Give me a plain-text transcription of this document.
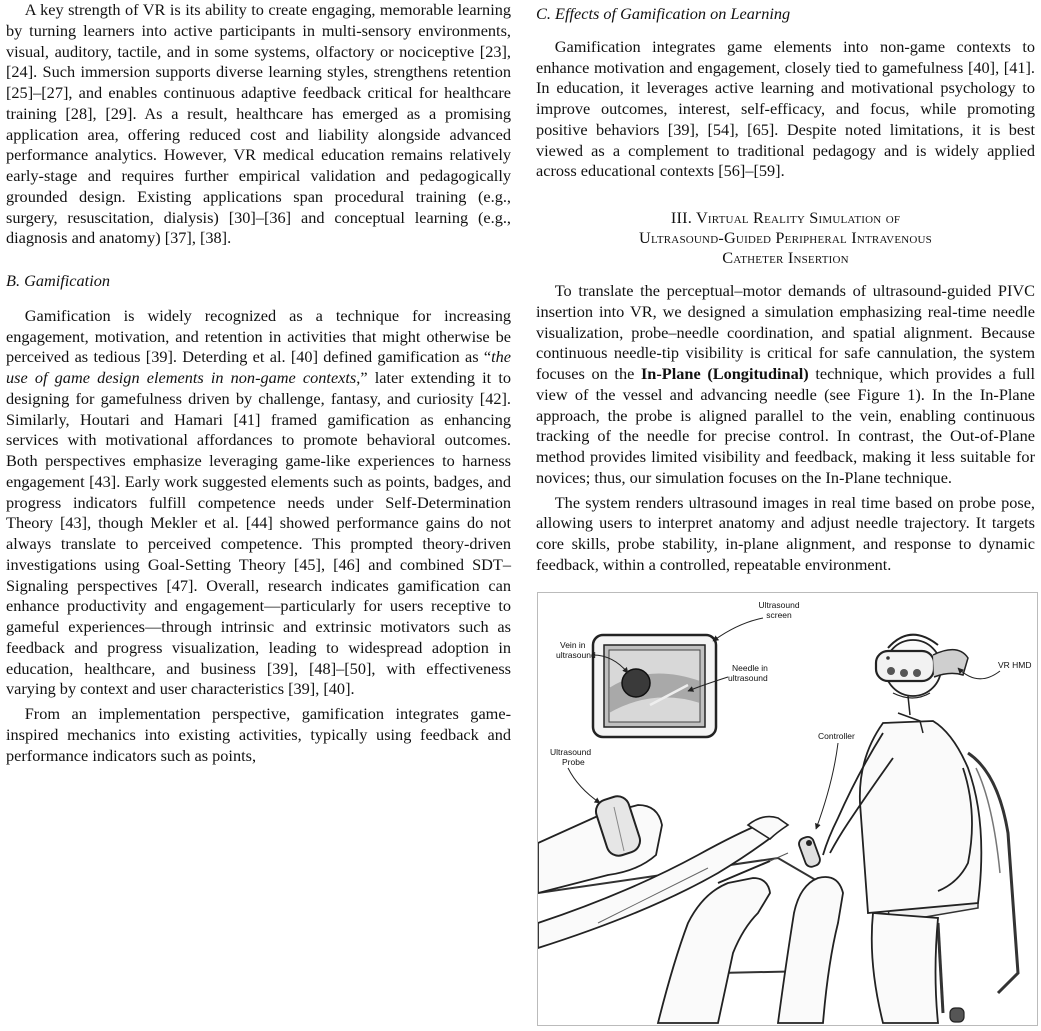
A key strength of VR is its ability to create engaging, memorable learning by turning learners into active participants in multi-sensory environments, visual, auditory, tactile, and in some systems, olfactory or nociceptive [23], [24]. Such immersion supports diverse learning styles, strengthens retention [25]–[27], and enables continuous adaptive feedback critical for healthcare training [28], [29]. As a result, healthcare has emerged as a promising application area, offering reduced cost and liability alongside advanced performance analytics. However, VR medical education remains relatively early-stage and requires further empirical validation and pedagogically grounded design. Existing applications span procedural training (e.g., surgery, resuscitation, dialysis) [30]–[36] and conceptual learning (e.g., diagnosis and anatomy) [37], [38].

B. Gamification

Gamification is widely recognized as a technique for increasing engagement, motivation, and retention in activities that might otherwise be perceived as tedious [39]. Deterding et al. [40] defined gamification as “the use of game design elements in non-game contexts,” later extending it to designing for gamefulness driven by challenge, fantasy, and curiosity [42]. Similarly, Houtari and Hamari [41] framed gamification as enhancing services with motivational affordances to promote behavioral outcomes. Both perspectives emphasize leveraging game-like experiences to harness engagement [43]. Early work suggested elements such as points, badges, and progress indicators fulfill competence needs under Self-Determination Theory [43], though Mekler et al. [44] showed performance gains do not always translate to perceived competence. This prompted theory-driven investigations using Goal-Setting Theory [45], [46] and combined SDT–Signaling perspectives [47]. Overall, research indicates gamification can enhance productivity and engagement—particularly for users receptive to gameful experiences—through intrinsic and extrinsic motivators such as feedback and progress visualization, leading to widespread adoption in education, healthcare, and business [39], [48]–[50], with effectiveness varying by context and user characteristics [39], [40].

From an implementation perspective, gamification integrates game-inspired mechanics into existing activities, typically using feedback and performance indicators such as points,

C. Effects of Gamification on Learning

Gamification integrates game elements into non-game contexts to enhance motivation and engagement, closely tied to gamefulness [40], [41]. In education, it leverages active learning and motivational psychology to improve outcomes, interest, self-efficacy, and focus, while promoting positive behaviors [39], [54], [65]. Despite noted limitations, it is best viewed as a complement to traditional pedagogy and is widely applied across educational contexts [56]–[59].

III. Virtual Reality Simulation of
Ultrasound-Guided Peripheral Intravenous
Catheter Insertion

To translate the perceptual–motor demands of ultrasound-guided PIVC insertion into VR, we designed a simulation emphasizing real-time needle visualization, probe–needle coordination, and spatial alignment. Because continuous needle-tip visibility is critical for safe cannulation, the system focuses on the In-Plane (Longitudinal) technique, which provides a full view of the vessel and advancing needle (see Figure 1). In the In-Plane approach, the probe is aligned parallel to the vein, enabling continuous tracking of the needle for precise control. In contrast, the Out-of-Plane method provides limited visibility and feedback, making it less suitable for novices; thus, our simulation focuses on the In-Plane technique.

The system renders ultrasound images in real time based on probe pose, allowing users to interpret anatomy and adjust needle trajectory. It targets core skills, probe stability, in-plane alignment, and response to dynamic feedback, within a controlled, repeatable environment.

Ultrasound
screen
Vein in
ultrasound
Needle in
ultrasound
Ultrasound
Probe
Controller
VR HMD
